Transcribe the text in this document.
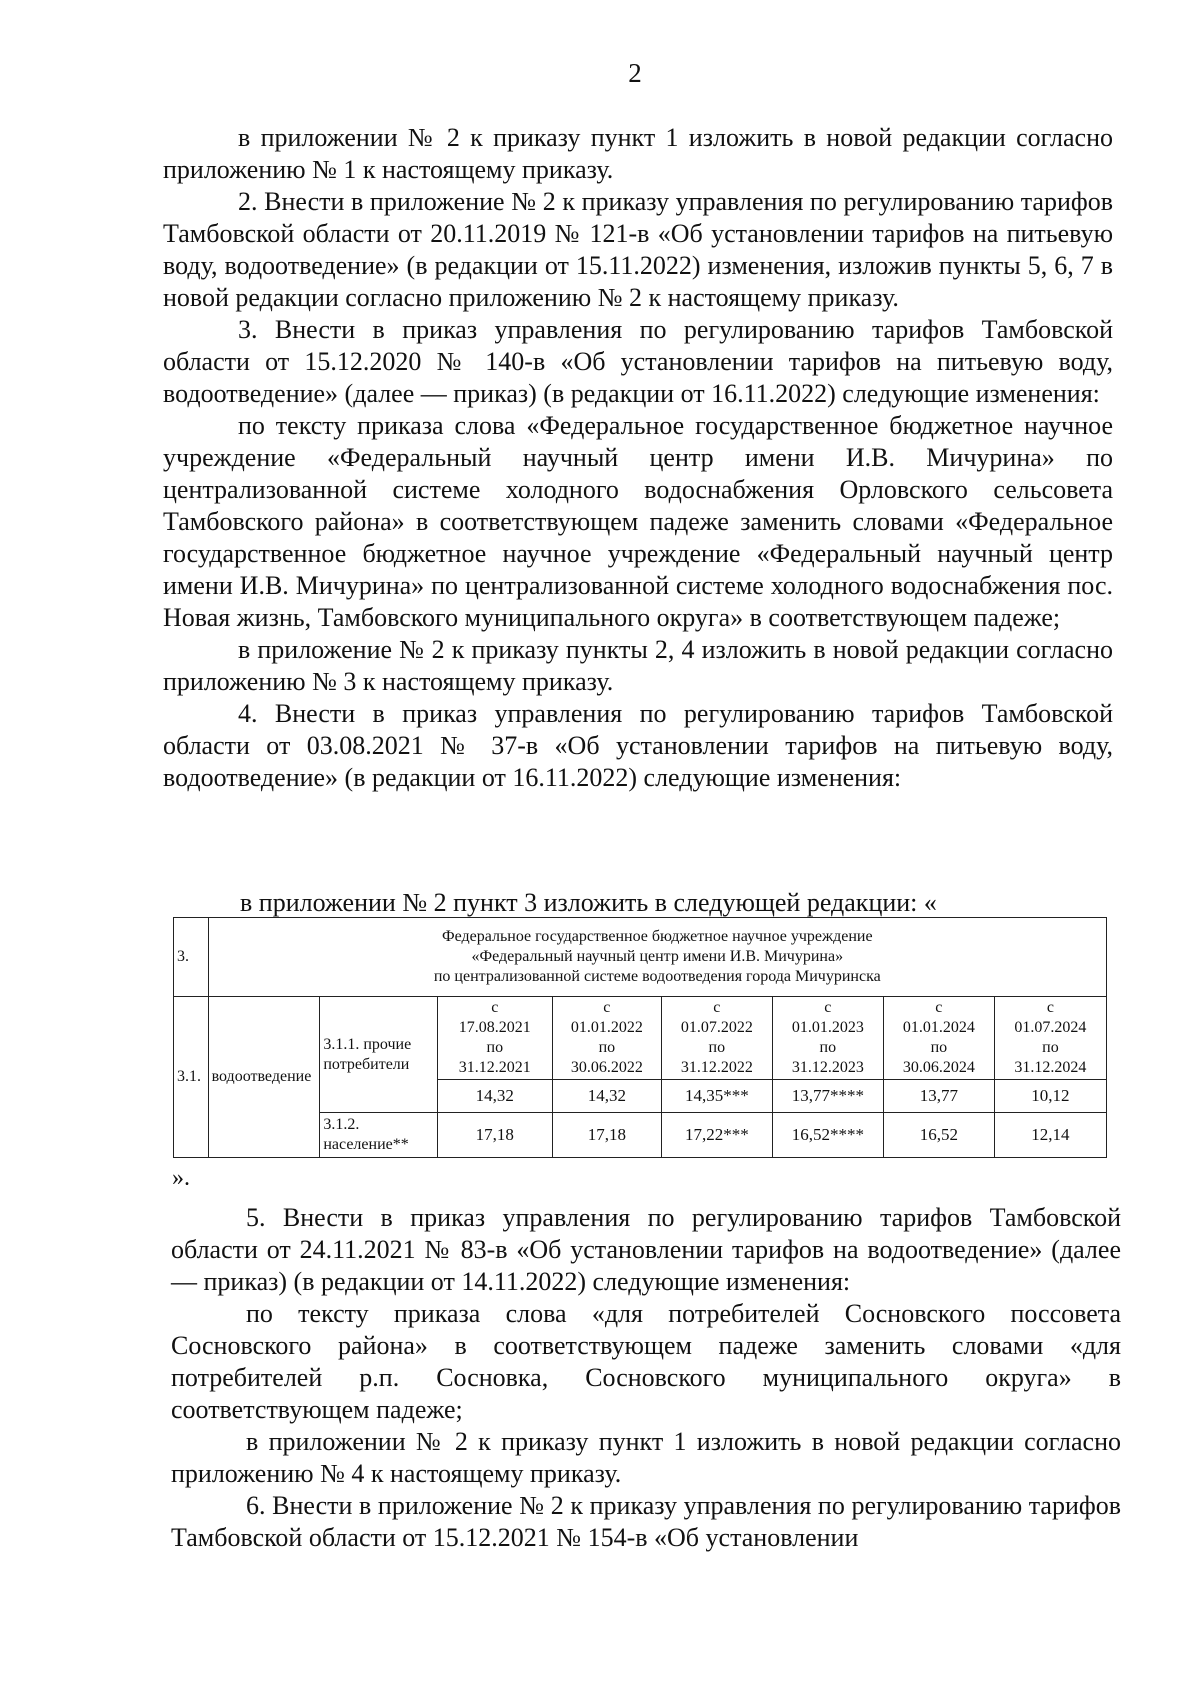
2

в приложении № 2 к приказу пункт 1 изложить в новой редакции согласно приложению № 1 к настоящему приказу.

2. Внести в приложение № 2 к приказу управления по регулированию тарифов Тамбовской области от 20.11.2019 № 121-в «Об установлении тарифов на питьевую воду, водоотведение» (в редакции от 15.11.2022) изменения, изложив пункты 5, 6, 7 в новой редакции согласно приложению № 2 к настоящему приказу.

3. Внести в приказ управления по регулированию тарифов Тамбовской области от 15.12.2020 № 140-в «Об установлении тарифов на питьевую воду, водоотведение» (далее — приказ) (в редакции от 16.11.2022) следующие изменения:

по тексту приказа слова «Федеральное государственное бюджетное научное учреждение «Федеральный научный центр имени И.В. Мичурина» по централизованной системе холодного водоснабжения Орловского сельсовета Тамбовского района» в соответствующем падеже заменить словами «Федеральное государственное бюджетное научное учреждение «Федеральный научный центр имени И.В. Мичурина» по централизованной системе холодного водоснабжения пос. Новая жизнь, Тамбовского муниципального округа» в соответствующем падеже;

в приложение № 2 к приказу пункты 2, 4 изложить в новой редакции согласно приложению № 3 к настоящему приказу.

4. Внести в приказ управления по регулированию тарифов Тамбовской области от 03.08.2021 № 37-в «Об установлении тарифов на питьевую воду, водоотведение» (в редакции от 16.11.2022) следующие изменения:

в приложении № 2 пункт 3 изложить в следующей редакции: «
3.	Федеральное государственное бюджетное научное учреждение
«Федеральный научный центр имени И.В. Мичурина»
по централизованной системе водоотведения города Мичуринска							

3.1.	водоотведение	3.1.1. прочие потребители	с
17.08.2021
по
31.12.2021	с
01.01.2022
по
30.06.2022	с
01.07.2022
по
31.12.2022	с
01.01.2023
по
31.12.2023	с
01.01.2024
по
30.06.2024	с
01.07.2024
по
31.12.2024

			14,32	14,32	14,35***	13,77****	13,77	10,12
		3.1.2. население**	17,18	17,18	17,22***	16,52****	16,52	12,14
».

5. Внести в приказ управления по регулированию тарифов Тамбовской области от 24.11.2021 № 83-в «Об установлении тарифов на водоотведение» (далее — приказ) (в редакции от 14.11.2022) следующие изменения:

по тексту приказа слова «для потребителей Сосновского поссовета Сосновского района» в соответствующем падеже заменить словами «для потребителей р.п. Сосновка, Сосновского муниципального округа» в соответствующем падеже;

в приложении № 2 к приказу пункт 1 изложить в новой редакции согласно приложению № 4 к настоящему приказу.

6. Внести в приложение № 2 к приказу управления по регулированию тарифов Тамбовской области от 15.12.2021 № 154-в «Об установлении
